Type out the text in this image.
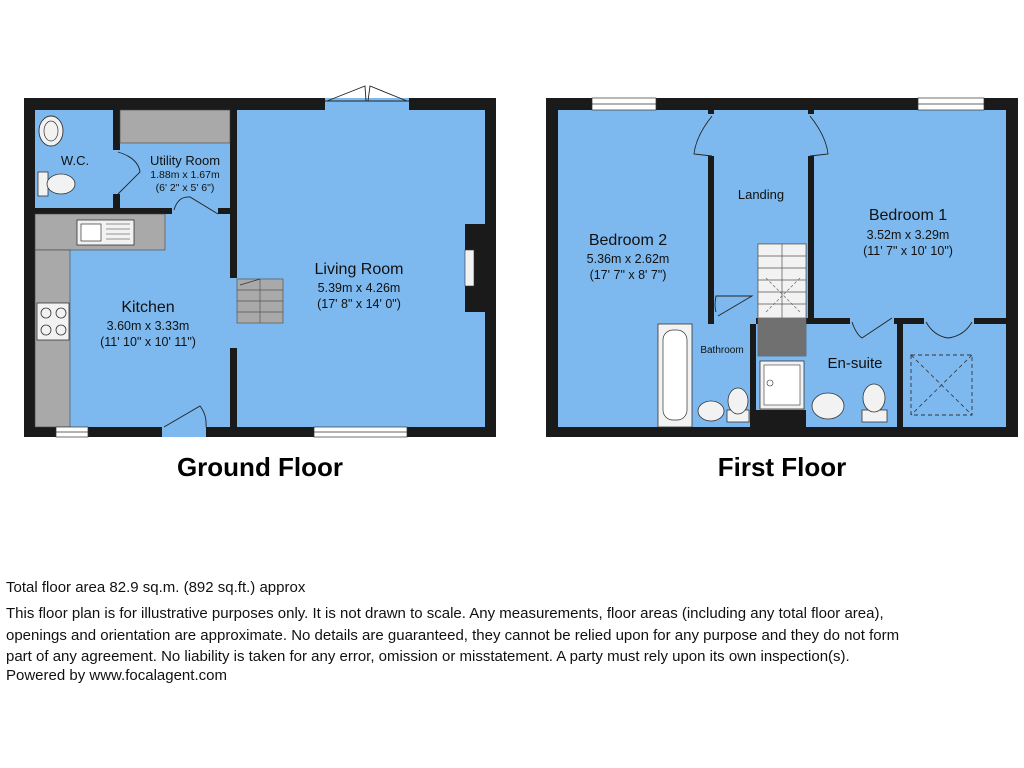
W.C.	Utility Room
1.88m x 1.67m
(6' 2" x 5' 6")
Kitchen
3.60m x 3.33m
(11' 10" x 10' 11")
Living Room
5.39m x 4.26m
(17' 8" x 14' 0")
Bedroom 2
5.36m x 2.62m
(17' 7" x 8' 7")
Landing
Bedroom 1
3.52m x 3.29m
(11' 7" x 10' 10")
Bathroom
En-suite
Ground Floor	First Floor
Total floor area 82.9 sq.m. (892 sq.ft.) approx
This floor plan is for illustrative purposes only. It is not drawn to scale. Any measurements, floor areas (including any total floor area),
openings and orientation are approximate. No details are guaranteed, they cannot be relied upon for any purpose and they do not form
part of any agreement. No liability is taken for any error, omission or misstatement. A party must rely upon its own inspection(s).
Powered by www.focalagent.com
